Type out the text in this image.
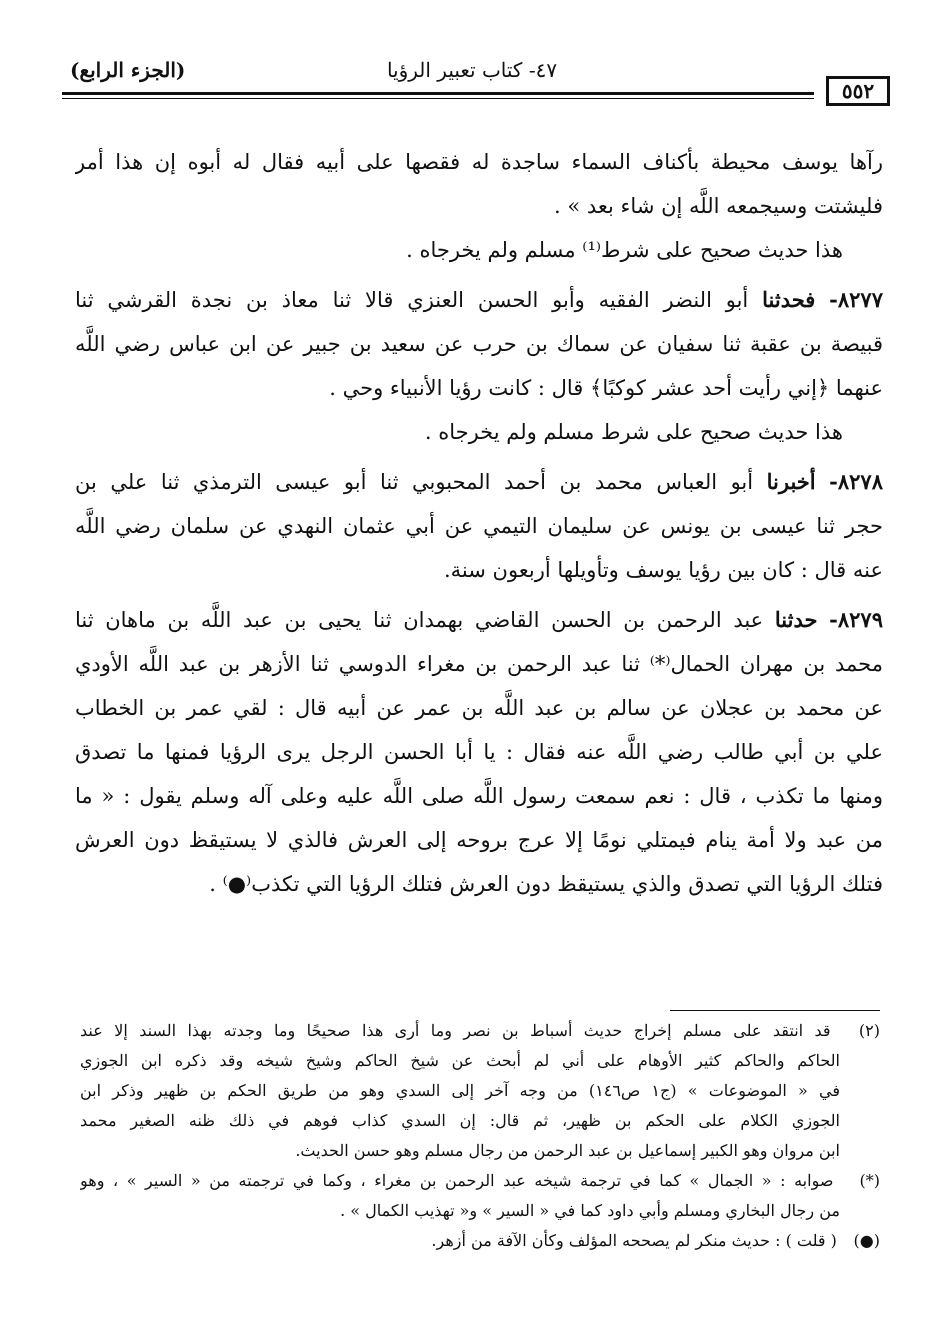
(الجزء الرابع)	٤٧- كتاب تعبير الرؤيا
٥٥٢
رآها يوسف محيطة بأكناف السماء ساجدة له فقصها على أبيه فقال له أبوه إن هذا أمر
فليشتت وسيجمعه اللَّه إن شاء بعد » .
هذا حديث صحيح على شرط⁽¹⁾ مسلم ولم يخرجاه .
٨٢٧٧- فحدثنا أبو النضر الفقيه وأبو الحسن العنزي قالا ثنا معاذ بن نجدة القرشي ثنا
قبيصة بن عقبة ثنا سفيان عن سماك بن حرب عن سعيد بن جبير عن ابن عباس رضي اللَّه
عنهما ﴿إني رأيت أحد عشر كوكبًا﴾ قال : كانت رؤيا الأنبياء وحي .
هذا حديث صحيح على شرط مسلم ولم يخرجاه .
٨٢٧٨- أخبرنا أبو العباس محمد بن أحمد المحبوبي ثنا أبو عيسى الترمذي ثنا علي بن
حجر ثنا عيسى بن يونس عن سليمان التيمي عن أبي عثمان النهدي عن سلمان رضي اللَّه
عنه قال : كان بين رؤيا يوسف وتأويلها أربعون سنة.
٨٢٧٩- حدثنا عبد الرحمن بن الحسن القاضي بهمدان ثنا يحيى بن عبد اللَّه بن ماهان ثنا
محمد بن مهران الحمال⁽*⁾ ثنا عبد الرحمن بن مغراء الدوسي ثنا الأزهر بن عبد اللَّه الأودي
عن محمد بن عجلان عن سالم بن عبد اللَّه بن عمر عن أبيه قال : لقي عمر بن الخطاب
علي بن أبي طالب رضي اللَّه عنه فقال : يا أبا الحسن الرجل يرى الرؤيا فمنها ما تصدق
ومنها ما تكذب ، قال : نعم سمعت رسول اللَّه صلى اللَّه عليه وعلى آله وسلم يقول : « ما
من عبد ولا أمة ينام فيمتلي نومًا إلا عرج بروحه إلى العرش فالذي لا يستيقظ دون العرش
فتلك الرؤيا التي تصدق والذي يستيقظ دون العرش فتلك الرؤيا التي تكذب⁽●⁾ .
(٢) قد انتقد على مسلم إخراج حديث أسباط بن نصر وما أرى هذا صحيحًا وما وجدته بهذا السند إلا عند
الحاكم والحاكم كثير الأوهام على أني لم أبحث عن شيخ الحاكم وشيخ شيخه وقد ذكره ابن الجوزي
في « الموضوعات » (ج١ ص١٤٦) من وجه آخر إلى السدي وهو من طريق الحكم بن ظهير وذكر ابن
الجوزي الكلام على الحكم بن ظهير، ثم قال: إن السدي كذاب فوهم في ذلك ظنه الصغير محمد
ابن مروان وهو الكبير إسماعيل بن عبد الرحمن من رجال مسلم وهو حسن الحديث.
(*) صوابه : « الجمال » كما في ترجمة شيخه عبد الرحمن بن مغراء ، وكما في ترجمته من « السير » ، وهو
من رجال البخاري ومسلم وأبي داود كما في « السير » و« تهذيب الكمال » .
(●) ( قلت ) : حديث منكر لم يصححه المؤلف وكأن الآفة من أزهر.
